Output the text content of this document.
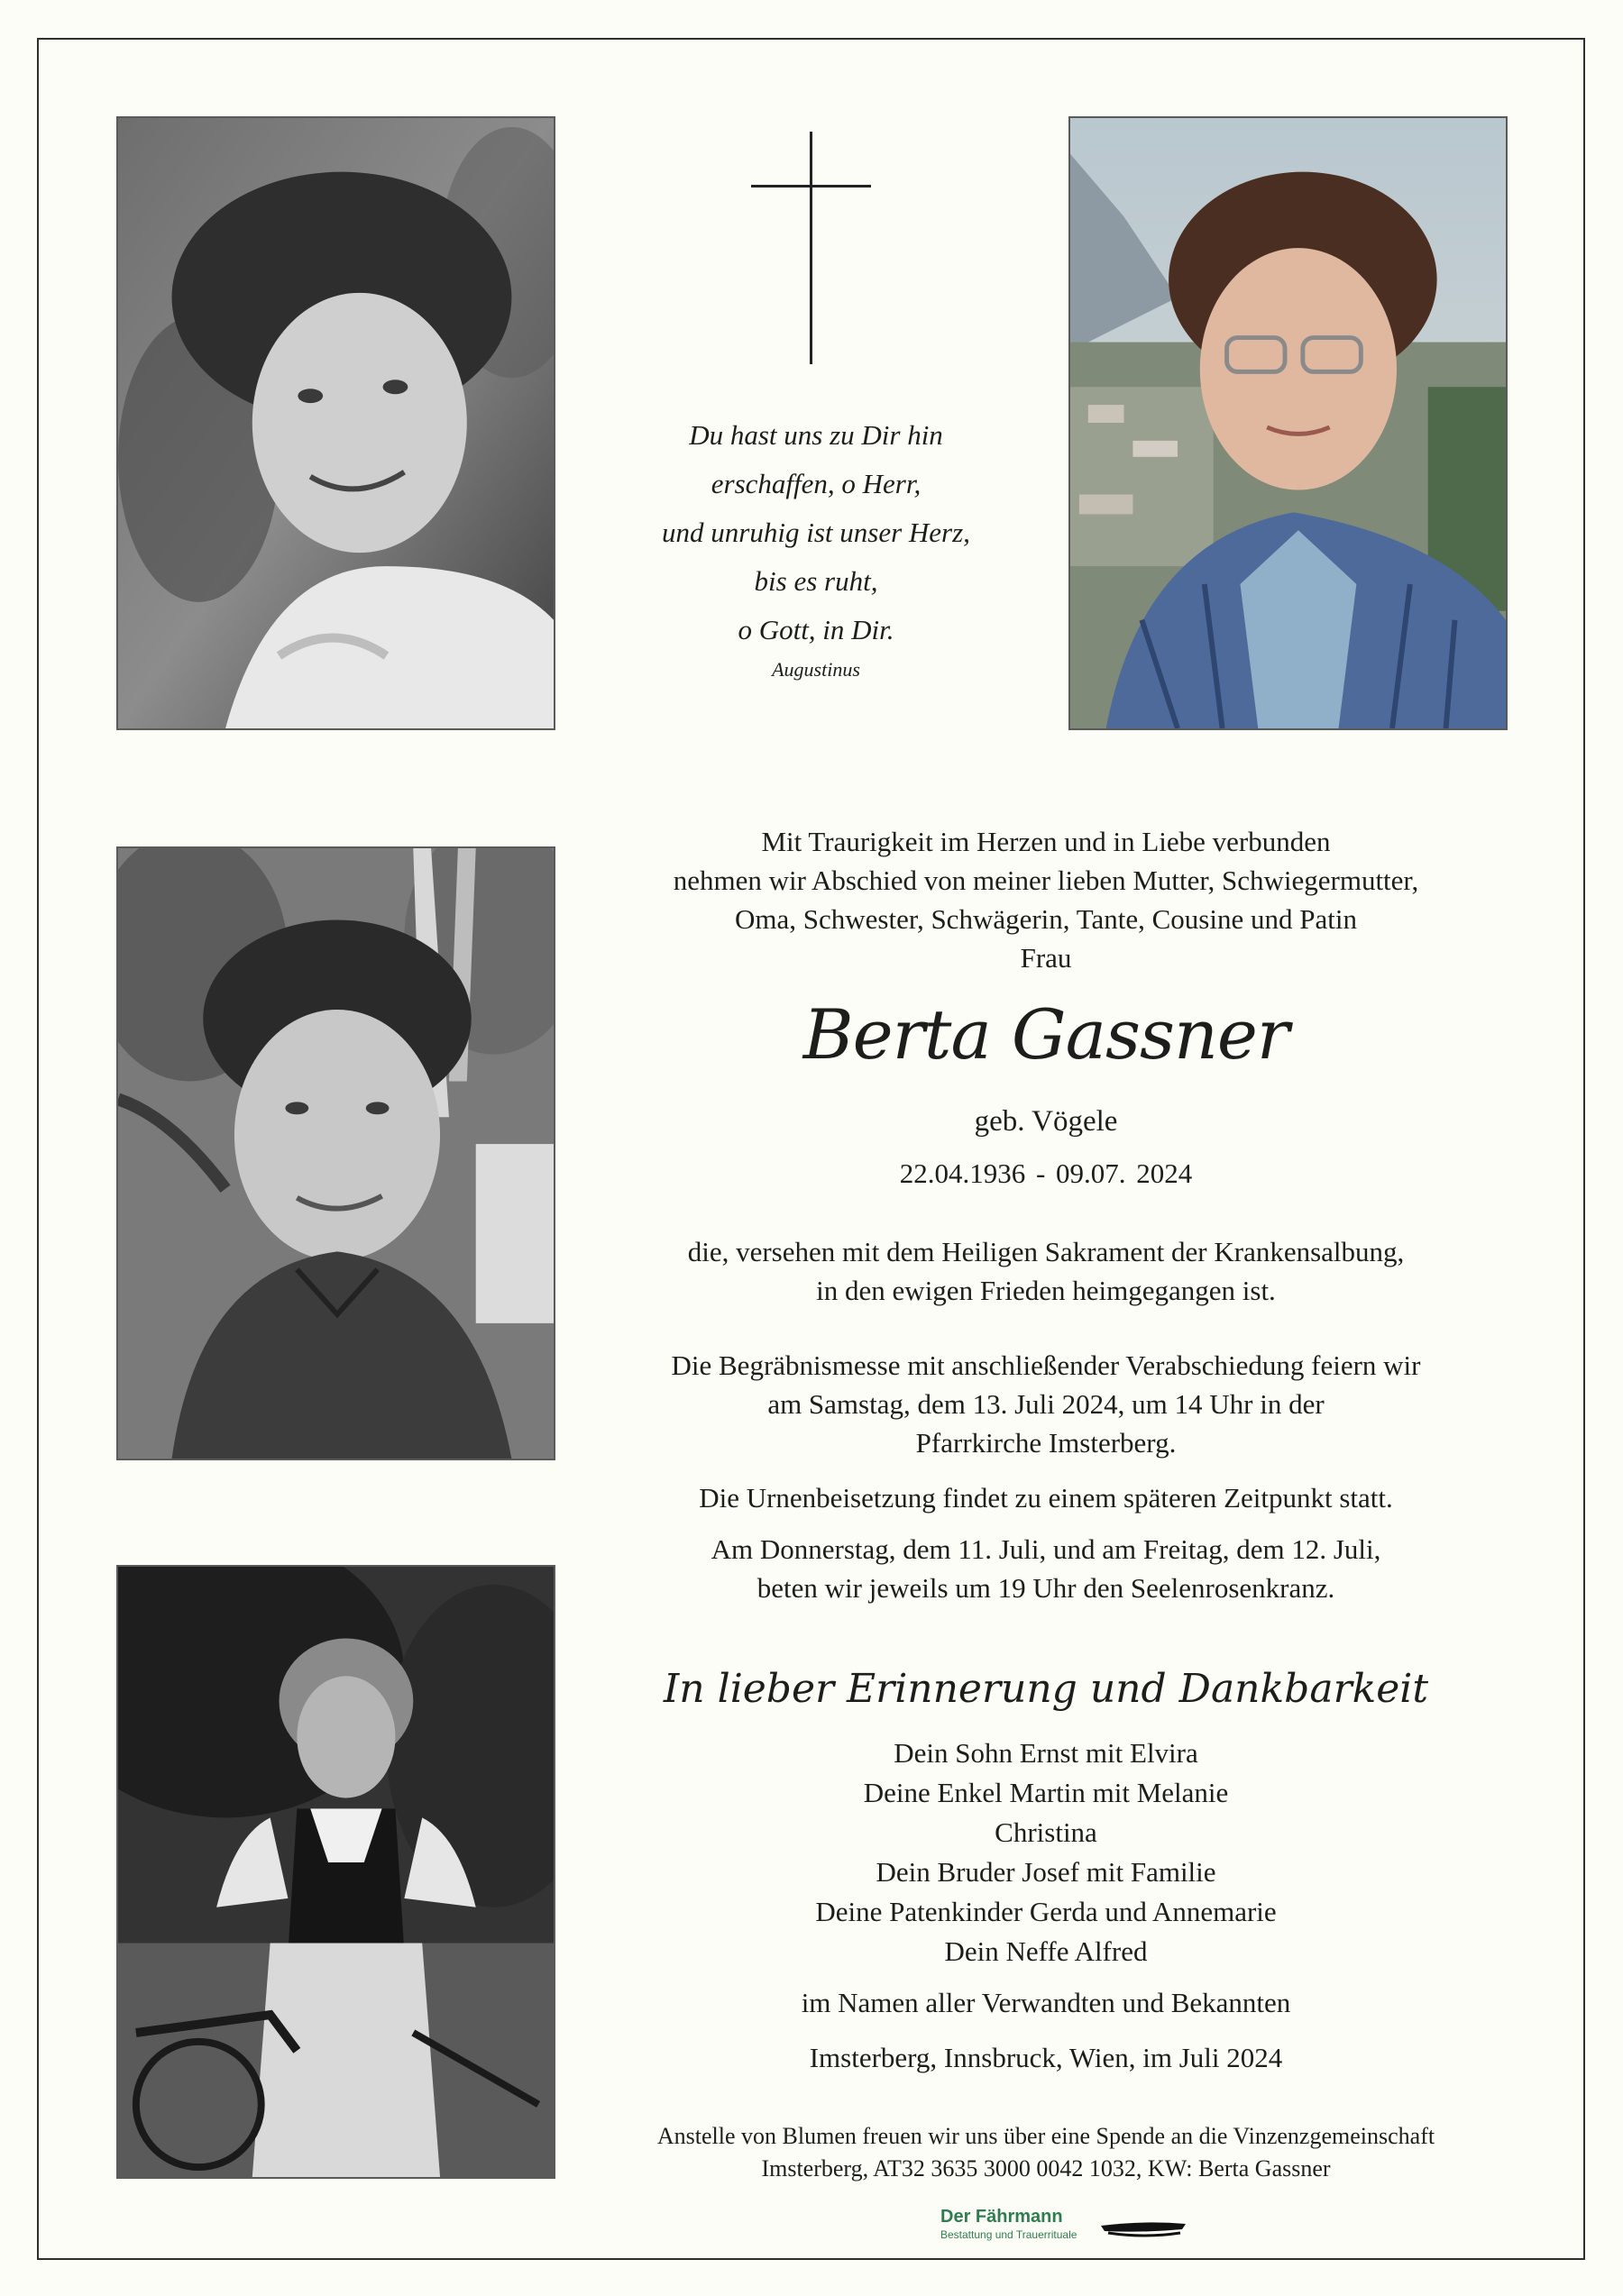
Du hast uns zu Dir hin
erschaffen, o Herr,
und unruhig ist unser Herz,
bis es ruht,
o Gott, in Dir.
Augustinus
Mit Traurigkeit im Herzen und in Liebe verbunden
nehmen wir Abschied von meiner lieben Mutter, Schwiegermutter,
Oma, Schwester, Schwägerin, Tante, Cousine und Patin
Frau
Berta Gassner
geb. Vögele
22.04.1936 - 09.07. 2024
die, versehen mit dem Heiligen Sakrament der Krankensalbung,
in den ewigen Frieden heimgegangen ist.
Die Begräbnismesse mit anschließender Verabschiedung feiern wir
am Samstag, dem 13. Juli 2024, um 14 Uhr in der
Pfarrkirche Imsterberg.
Die Urnenbeisetzung findet zu einem späteren Zeitpunkt statt.
Am Donnerstag, dem 11. Juli, und am Freitag, dem 12. Juli,
beten wir jeweils um 19 Uhr den Seelenrosenkranz.
In lieber Erinnerung und Dankbarkeit
Dein Sohn Ernst mit Elvira
Deine Enkel Martin mit Melanie
Christina
Dein Bruder Josef mit Familie
Deine Patenkinder Gerda und Annemarie
Dein Neffe Alfred
im Namen aller Verwandten und Bekannten
Imsterberg, Innsbruck, Wien, im Juli 2024
Anstelle von Blumen freuen wir uns über eine Spende an die Vinzenzgemeinschaft
Imsterberg, AT32 3635 3000 0042 1032, KW: Berta Gassner
Der Fährmann
Bestattung und Trauerrituale
